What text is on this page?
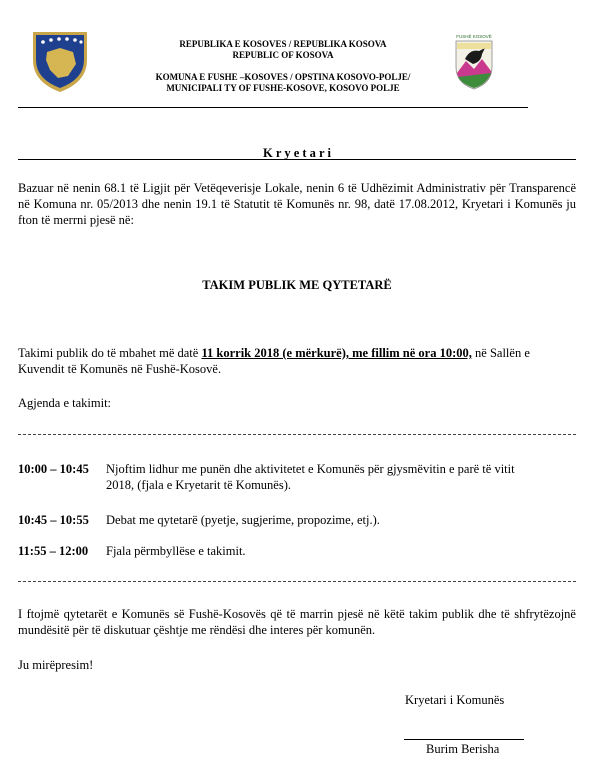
REPUBLIKA E KOSOVES / REPUBLIKA KOSOVA
REPUBLIC OF KOSOVA
KOMUNA E FUSHE –KOSOVES / OPSTINA KOSOVO-POLJE/
MUNICIPALI TY OF FUSHE-KOSOVE, KOSOVO POLJE
FUSHË KOSOVË
K r y e t a r i
Bazuar në nenin 68.1 të Ligjit për Vetëqeverisje Lokale, nenin 6 të Udhëzimit Administrativ për Transparencë në Komuna nr. 05/2013 dhe nenin 19.1 të Statutit të Komunës nr. 98, datë 17.08.2012, Kryetari i Komunës ju fton të merrni pjesë në:
TAKIM PUBLIK ME QYTETARË
Takimi publik do të mbahet më datë 11 korrik 2018 (e mërkurë), me fillim në ora 10:00, në Sallën e Kuvendit të Komunës në Fushë-Kosovë.
Agjenda e takimit:
10:00 – 10:45 Njoftim lidhur me punën dhe aktivitetet e Komunës për gjysmëvitin e parë të vitit
2018, (fjala e Kryetarit të Komunës).
10:45 – 10:55 Debat me qytetarë (pyetje, sugjerime, propozime, etj.).
11:55 – 12:00 Fjala përmbyllëse e takimit.
I ftojmë qytetarët e Komunës së Fushë-Kosovës që të marrin pjesë në këtë takim publik dhe të shfrytëzojnë mundësitë për të diskutuar çështje me rëndësi dhe interes për komunën.
Ju mirëpresim!
Kryetari i Komunës
Burim Berisha
